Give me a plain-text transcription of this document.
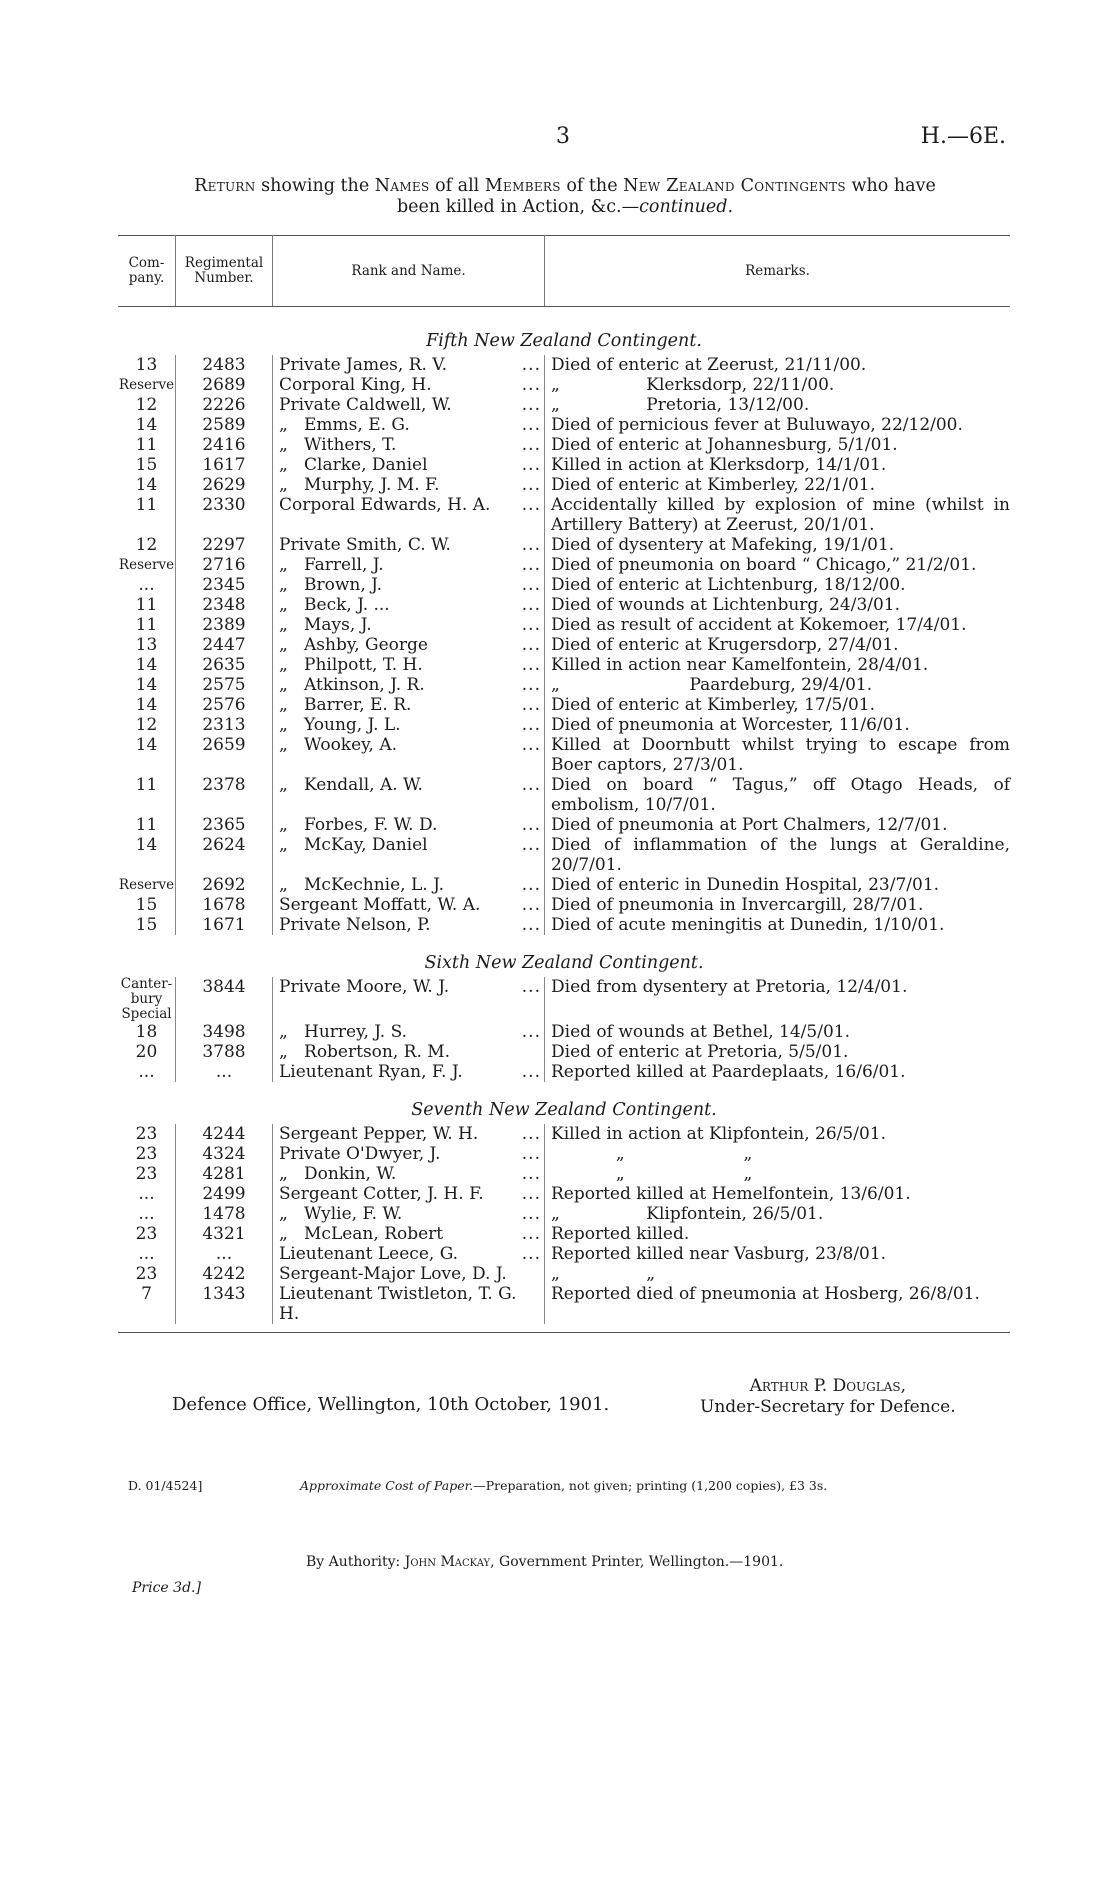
3	H.—6E.
Return showing the Names of all Members of the New Zealand Contingents who have
been killed in Action, &c.—continued.
Com-
pany.	Regimental
Number.	Rank and Name.	Remarks.
Fifth New Zealand Contingent.			
13	2483	Private James, R. V. ...	Died of enteric at Zeerust, 21/11/00.
Reserve	2689	Corporal King, H. ...	„                Klerksdorp, 22/11/00.
12	2226	Private Caldwell, W. ...	„                Pretoria, 13/12/00.
14	2589	„   Emms, E. G. ...	Died of pernicious fever at Buluwayo, 22/12/00.
11	2416	„   Withers, T. ...	Died of enteric at Johannesburg, 5/1/01.
15	1617	„   Clarke, Daniel ...	Killed in action at Klerksdorp, 14/1/01.
14	2629	„   Murphy, J. M. F. ...	Died of enteric at Kimberley, 22/1/01.
11	2330	Corporal Edwards, H. A. ...	Accidentally killed by explosion of mine (whilst in Artillery Battery) at Zeerust, 20/1/01.
12	2297	Private Smith, C. W. ...	Died of dysentery at Mafeking, 19/1/01.
Reserve	2716	„   Farrell, J. ...	Died of pneumonia on board “ Chicago,” 21/2/01.
...	2345	„   Brown, J. ...	Died of enteric at Lichtenburg, 18/12/00.
11	2348	„   Beck, J. ... ...	Died of wounds at Lichtenburg, 24/3/01.
11	2389	„   Mays, J. ...	Died as result of accident at Kokemoer, 17/4/01.
13	2447	„   Ashby, George ...	Died of enteric at Krugersdorp, 27/4/01.
14	2635	„   Philpott, T. H. ...	Killed in action near Kamelfontein, 28/4/01.
14	2575	„   Atkinson, J. R. ...	„                        Paardeburg, 29/4/01.
14	2576	„   Barrer, E. R. ...	Died of enteric at Kimberley, 17/5/01.
12	2313	„   Young, J. L. ...	Died of pneumonia at Worcester, 11/6/01.
14	2659	„   Wookey, A. ...	Killed at Doornbutt whilst trying to escape from Boer captors, 27/3/01.
11	2378	„   Kendall, A. W. ...	Died on board “ Tagus,” off Otago Heads, of embolism, 10/7/01.
11	2365	„   Forbes, F. W. D. ...	Died of pneumonia at Port Chalmers, 12/7/01.
14	2624	„   McKay, Daniel ...	Died of inflammation of the lungs at Geraldine, 20/7/01.
Reserve	2692	„   McKechnie, L. J. ...	Died of enteric in Dunedin Hospital, 23/7/01.
15	1678	Sergeant Moffatt, W. A. ...	Died of pneumonia in Invercargill, 28/7/01.
15	1671	Private Nelson, P. ...	Died of acute meningitis at Dunedin, 1/10/01.
Sixth New Zealand Contingent.			
Canter-
bury
Special	3844	Private Moore, W. J. ...	Died from dysentery at Pretoria, 12/4/01.
18	3498	„   Hurrey, J. S. ...	Died of wounds at Bethel, 14/5/01.
20	3788	„   Robertson, R. M.	Died of enteric at Pretoria, 5/5/01.
...	...	Lieutenant Ryan, F. J. ...	Reported killed at Paardeplaats, 16/6/01.
Seventh New Zealand Contingent.			
23	4244	Sergeant Pepper, W. H. ...	Killed in action at Klipfontein, 26/5/01.
23	4324	Private O'Dwyer, J. ...	„                      „
23	4281	„   Donkin, W. ...	„                      „
...	2499	Sergeant Cotter, J. H. F. ...	Reported killed at Hemelfontein, 13/6/01.
...	1478	„   Wylie, F. W. ...	„                Klipfontein, 26/5/01.
23	4321	„   McLean, Robert ...	Reported killed.
...	...	Lieutenant Leece, G. ...	Reported killed near Vasburg, 23/8/01.
23	4242	Sergeant-Major Love, D. J.	„                „
7	1343	Lieutenant Twistleton, T. G. H.	Reported died of pneumonia at Hosberg, 26/8/01.

Defence Office, Wellington, 10th October, 1901.
Arthur P. Douglas,
Under-Secretary for Defence.
D. 01/4524]	Approximate Cost of Paper.—Preparation, not given; printing (1,200 copies), £3 3s.
By Authority: John Mackay, Government Printer, Wellington.—1901.
Price 3d.]
